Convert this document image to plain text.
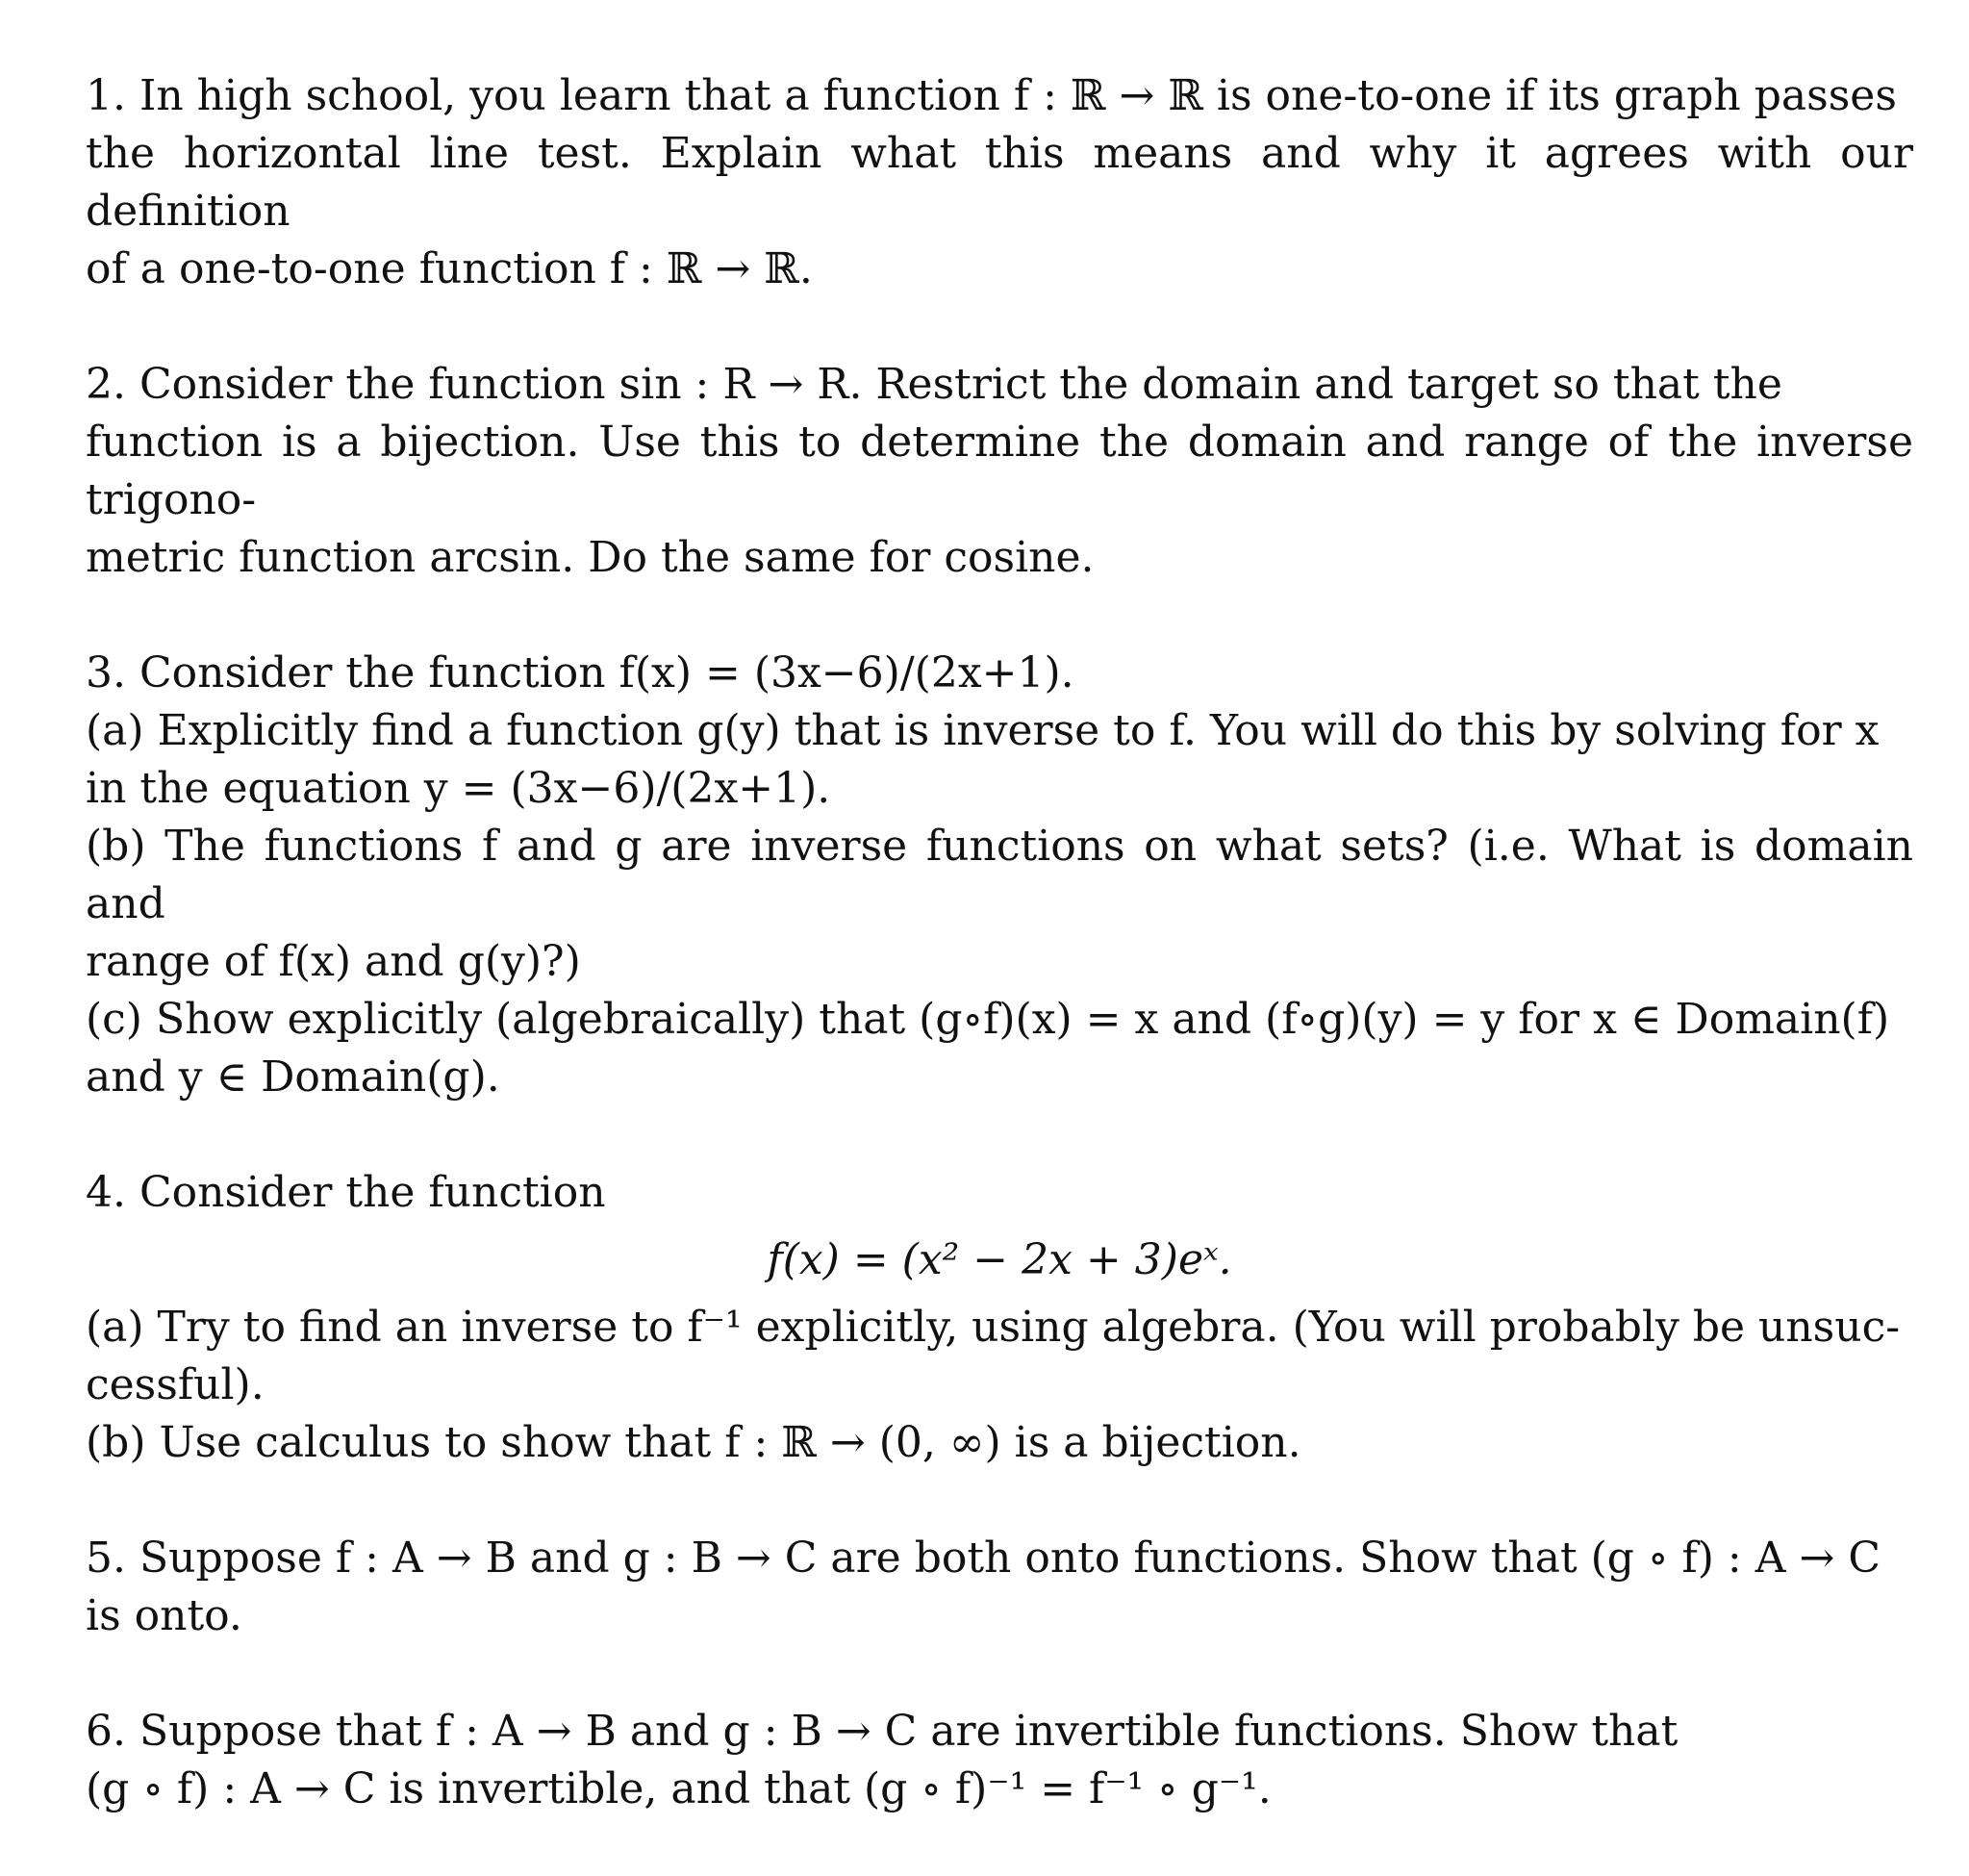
1. In high school, you learn that a function f : ℝ → ℝ is one-to-one if its graph passes
the horizontal line test. Explain what this means and why it agrees with our definition
of a one-to-one function f : ℝ → ℝ.
2. Consider the function sin : R → R. Restrict the domain and target so that the
function is a bijection. Use this to determine the domain and range of the inverse trigono-
metric function arcsin. Do the same for cosine.
3. Consider the function f(x) = (3x−6)/(2x+1).
(a) Explicitly find a function g(y) that is inverse to f. You will do this by solving for x
in the equation y = (3x−6)/(2x+1).
(b) The functions f and g are inverse functions on what sets? (i.e. What is domain and
range of f(x) and g(y)?)
(c) Show explicitly (algebraically) that (g∘f)(x) = x and (f∘g)(y) = y for x ∈ Domain(f)
and y ∈ Domain(g).
4. Consider the function
f(x) = (x² − 2x + 3)eˣ.
(a) Try to find an inverse to f⁻¹ explicitly, using algebra. (You will probably be unsuc-
cessful).
(b) Use calculus to show that f : ℝ → (0, ∞) is a bijection.
5. Suppose f : A → B and g : B → C are both onto functions. Show that (g ∘ f) : A → C
is onto.
6. Suppose that f : A → B and g : B → C are invertible functions. Show that
(g ∘ f) : A → C is invertible, and that (g ∘ f)⁻¹ = f⁻¹ ∘ g⁻¹.
